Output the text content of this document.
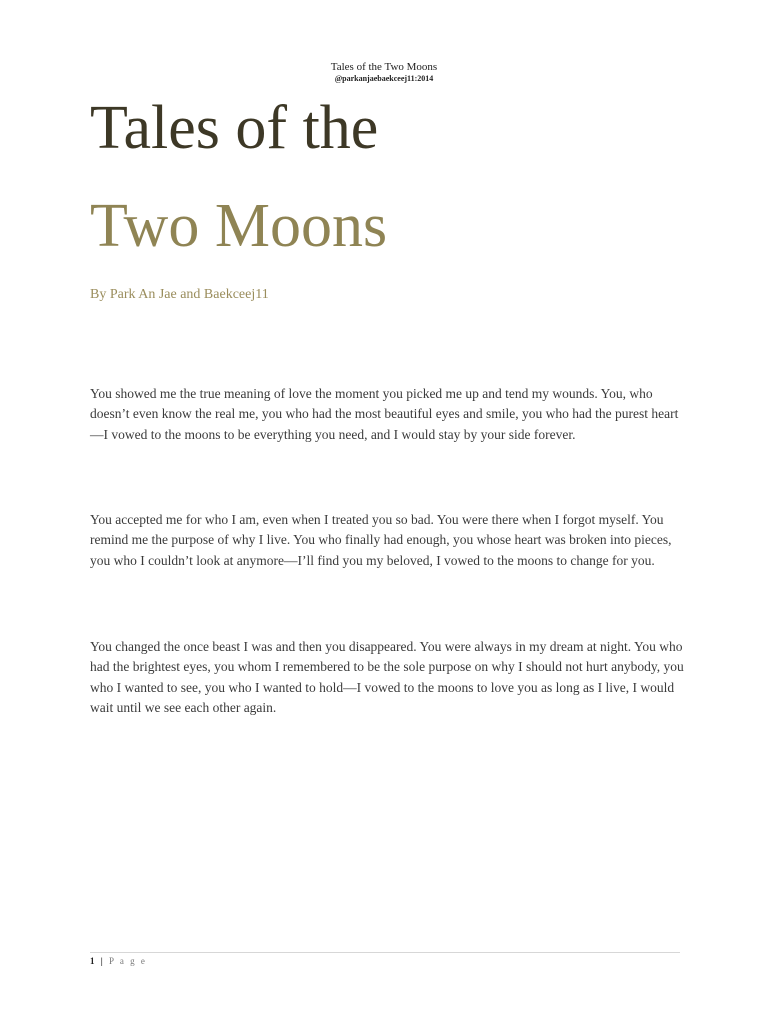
Tales of the Two Moons
@parkanjaebaekceej11:2014
Tales of the
Two Moons
By Park An Jae and Baekceej11

You showed me the true meaning of love the moment you picked me up and tend my wounds. You, who doesn’t even know the real me, you who had the most beautiful eyes and smile, you who had the purest heart—I vowed to the moons to be everything you need, and I would stay by your side forever.

You accepted me for who I am, even when I treated you so bad. You were there when I forgot myself. You remind me the purpose of why I live. You who finally had enough, you whose heart was broken into pieces, you who I couldn’t look at anymore—I’ll find you my beloved, I vowed to the moons to change for you.

You changed the once beast I was and then you disappeared. You were always in my dream at night. You who had the brightest eyes, you whom I remembered to be the sole purpose on why I should not hurt anybody, you who I wanted to see, you who I wanted to hold—I vowed to the moons to love you as long as I live, I would wait until we see each other again.

1 | P a g e
